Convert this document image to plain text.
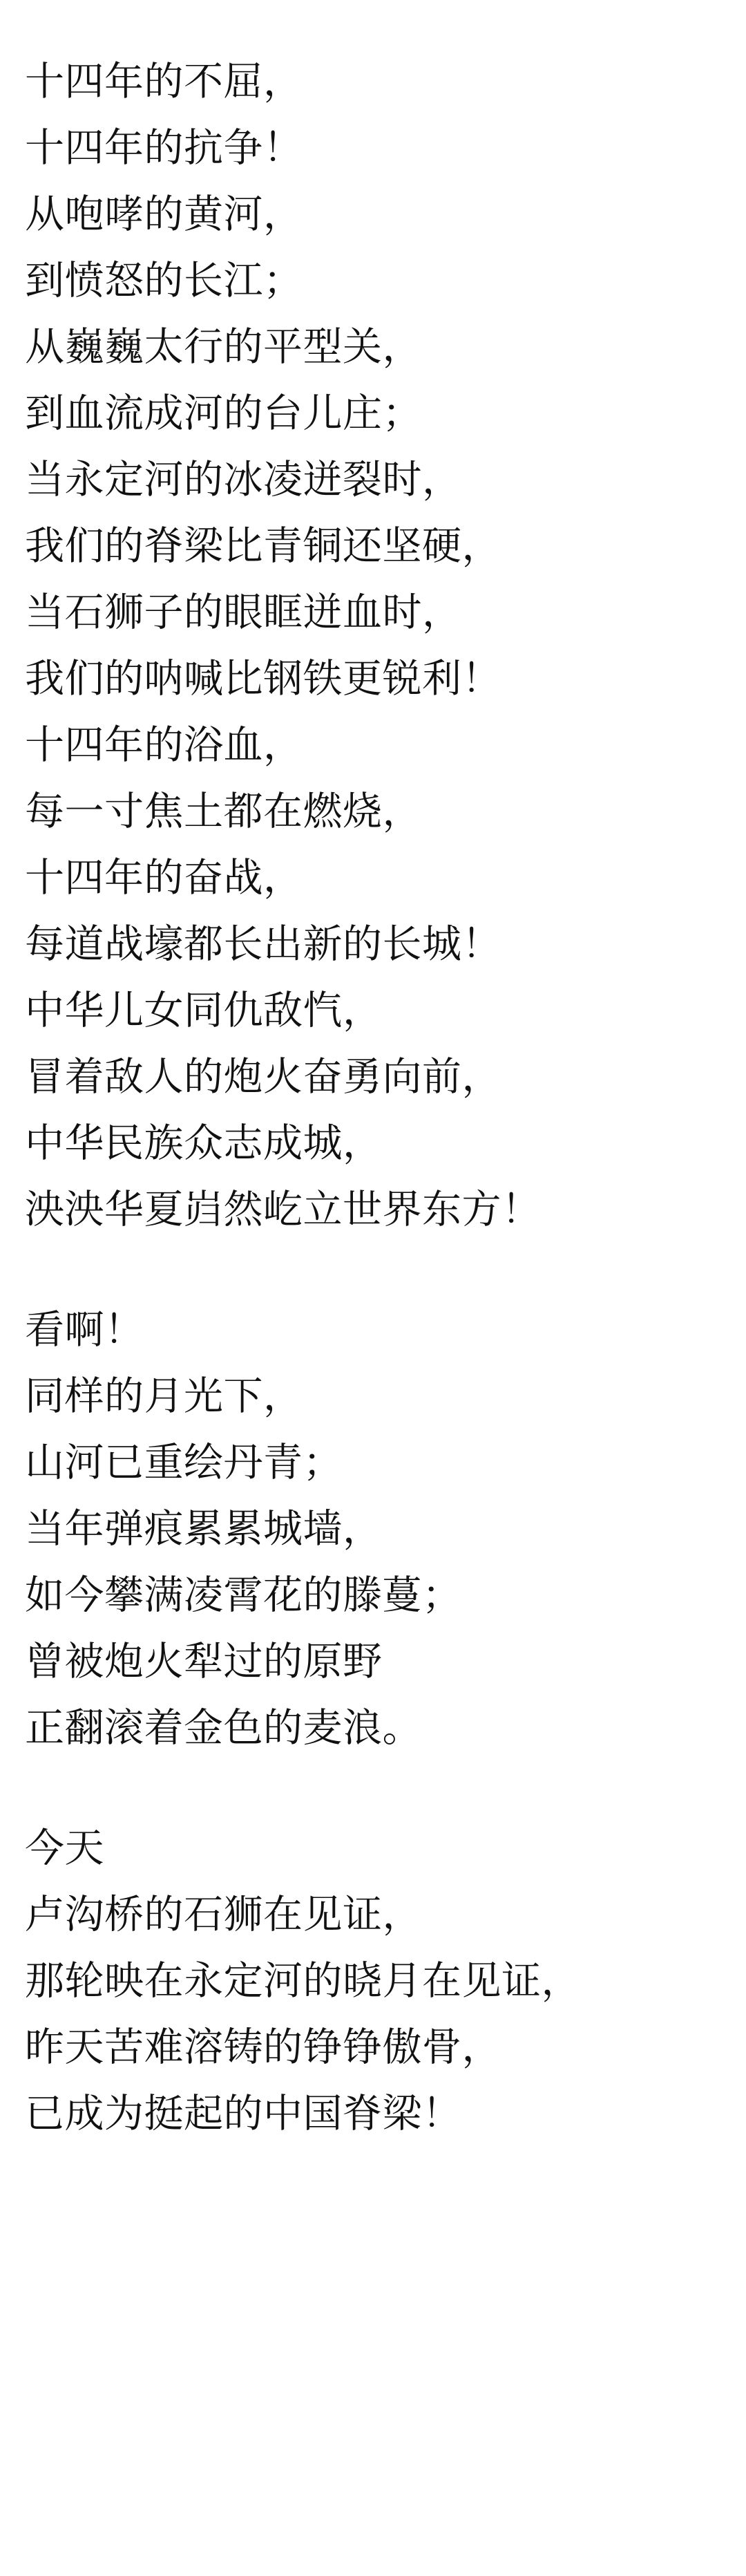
十四年的不屈，
十四年的抗争！
从咆哮的黄河，
到愤怒的长江；
从巍巍太行的平型关，
到血流成河的台儿庄；
当永定河的冰凌迸裂时，
我们的脊梁比青铜还坚硬，
当石狮子的眼眶迸血时，
我们的呐喊比钢铁更锐利！
十四年的浴血，
每一寸焦土都在燃烧，
十四年的奋战，
每道战壕都长出新的长城！
中华儿女同仇敌忾，
冒着敌人的炮火奋勇向前，
中华民族众志成城，
泱泱华夏岿然屹立世界东方！
看啊！
同样的月光下，
山河已重绘丹青；
当年弹痕累累城墙，
如今攀满凌霄花的滕蔓；
曾被炮火犁过的原野
正翻滚着金色的麦浪。
今天
卢沟桥的石狮在见证，
那轮映在永定河的晓月在见证，
昨天苦难溶铸的铮铮傲骨，
已成为挺起的中国脊梁！
